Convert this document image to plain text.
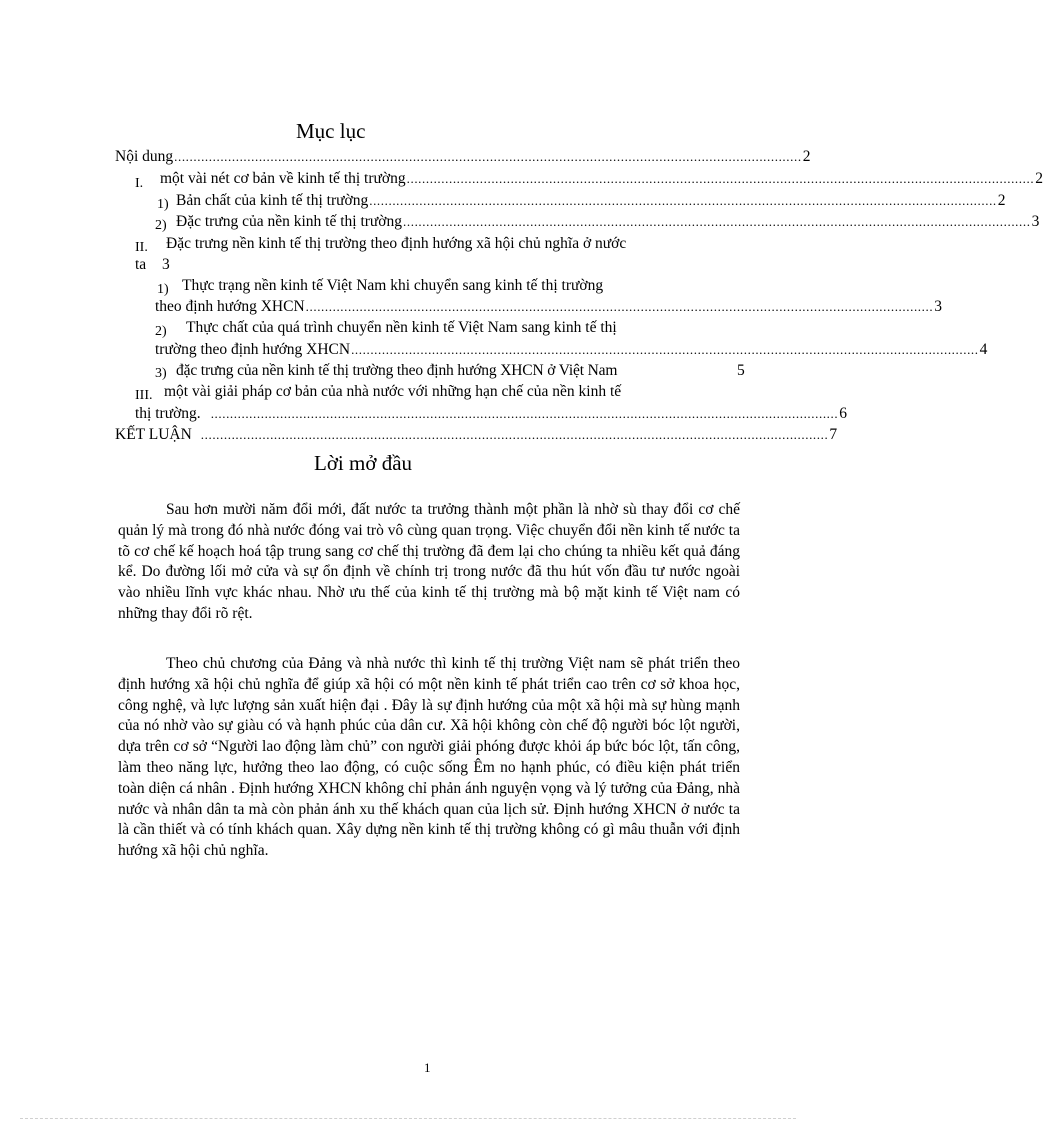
Mục lục
Nội dung ................................................................................................................................................................... 2
I. một vài nét cơ bản về kinh tế thị trường ................................................................................................................................................................... 2
1) Bản chất của kinh tế thị trường ................................................................................................................................................................... 2
2) Đặc trưng của nền kinh tế thị trường ................................................................................................................................................................... 3
II. Đặc trưng nền kinh tế thị trường theo định hướng xã hội chủ nghĩa ở nước
ta 3
1) Thực trạng nền kinh tế Việt Nam khi chuyển sang kinh tế thị trường
theo định hướng XHCN ................................................................................................................................................................... 3
2) Thực chất của quá trình chuyển nền kinh tế Việt Nam sang kinh tế thị
trường theo định hướng XHCN ................................................................................................................................................................... 4
3) đặc trưng của nền kinh tế thị trường theo định hướng XHCN ở Việt Nam	5
III. một vài giải pháp cơ bản của nhà nước với những hạn chế của nền kinh tế
thị trường. ................................................................................................................................................................... 6
KẾT LUẬN ................................................................................................................................................................... 7
Lời mở đầu

Sau hơn mười năm đổi mới, đất nước ta trưởng thành một phần là nhờ sù thay đổi cơ chế quản lý mà trong đó nhà nước đóng vai trò vô cùng quan trọng. Việc chuyển đổi nền kinh tế nước ta tõ cơ chế kế hoạch hoá tập trung sang cơ chế thị trường đã đem lại cho chúng ta nhiều kết quả đáng kể. Do đường lối mở cửa và sự ổn định về chính trị trong nước đã thu hút vốn đầu tư nước ngoài vào nhiều lĩnh vực khác nhau. Nhờ ưu thế của kinh tế thị trường mà bộ mặt kinh tế Việt nam có những thay đổi rõ rệt.

Theo chủ chương của Đảng và nhà nước thì kinh tế thị trường Việt nam sẽ phát triển theo định hướng xã hội chủ nghĩa để giúp xã hội có một nền kinh tế phát triển cao trên cơ sở khoa học, công nghệ, và lực lượng sản xuất hiện đại . Đây là sự định hướng của một xã hội mà sự hùng mạnh của nó nhờ vào sự giàu có và hạnh phúc của dân cư. Xã hội không còn chế độ người bóc lột người, dựa trên cơ sở “Người lao động làm chủ” con người giải phóng được khỏi áp bức bóc lột, tấn công, làm theo năng lực, hưởng theo lao động, có cuộc sống Êm no hạnh phúc, có điều kiện phát triển toàn diện cá nhân . Định hướng XHCN không chỉ phản ánh nguyện vọng và lý tưởng của Đảng, nhà nước và nhân dân ta mà còn phản ánh xu thế khách quan của lịch sử. Định hướng XHCN ở nước ta là cần thiết và có tính khách quan. Xây dựng nền kinh tế thị trường không có gì mâu thuẫn với định hướng xã hội chủ nghĩa.

1
